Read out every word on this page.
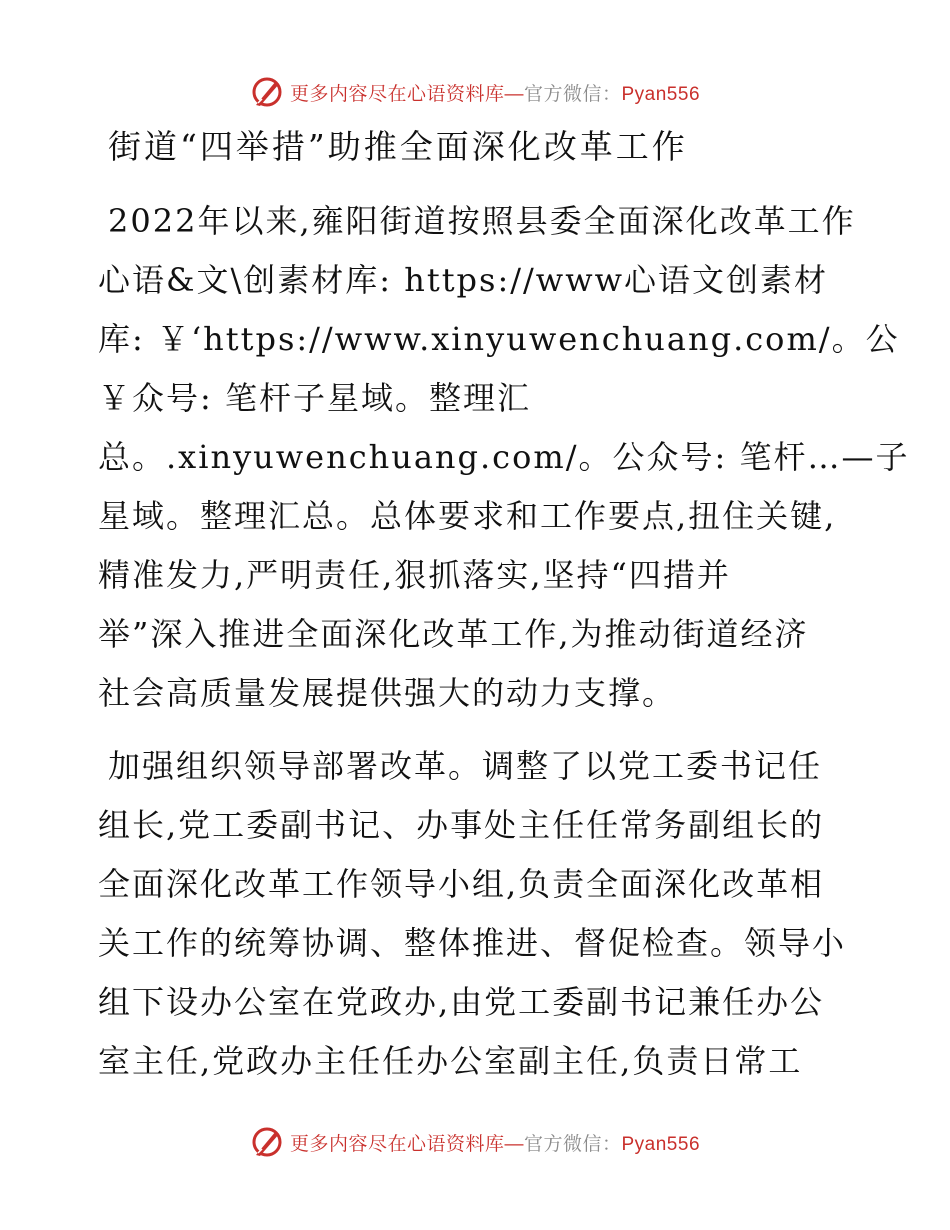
更多内容尽在心语资料库—官方微信：Pyan556
街道“四举措”助推全面深化改革工作
2022年以来,雍阳街道按照县委全面深化改革工作
心语&文\创素材库: https://www心语文创素材
库: ￥‘https://www.xinyuwenchuang.com/。公
￥众号: 笔杆子星域。整理汇
总。.xinyuwenchuang.com/。公众号: 笔杆…—子
星域。整理汇总。总体要求和工作要点,扭住关键,
精准发力,严明责任,狠抓落实,坚持“四措并
举”深入推进全面深化改革工作,为推动街道经济
社会高质量发展提供强大的动力支撑。
加强组织领导部署改革。调整了以党工委书记任
组长,党工委副书记、办事处主任任常务副组长的
全面深化改革工作领导小组,负责全面深化改革相
关工作的统筹协调、整体推进、督促检查。领导小
组下设办公室在党政办,由党工委副书记兼任办公
室主任,党政办主任任办公室副主任,负责日常工
更多内容尽在心语资料库—官方微信：Pyan556
